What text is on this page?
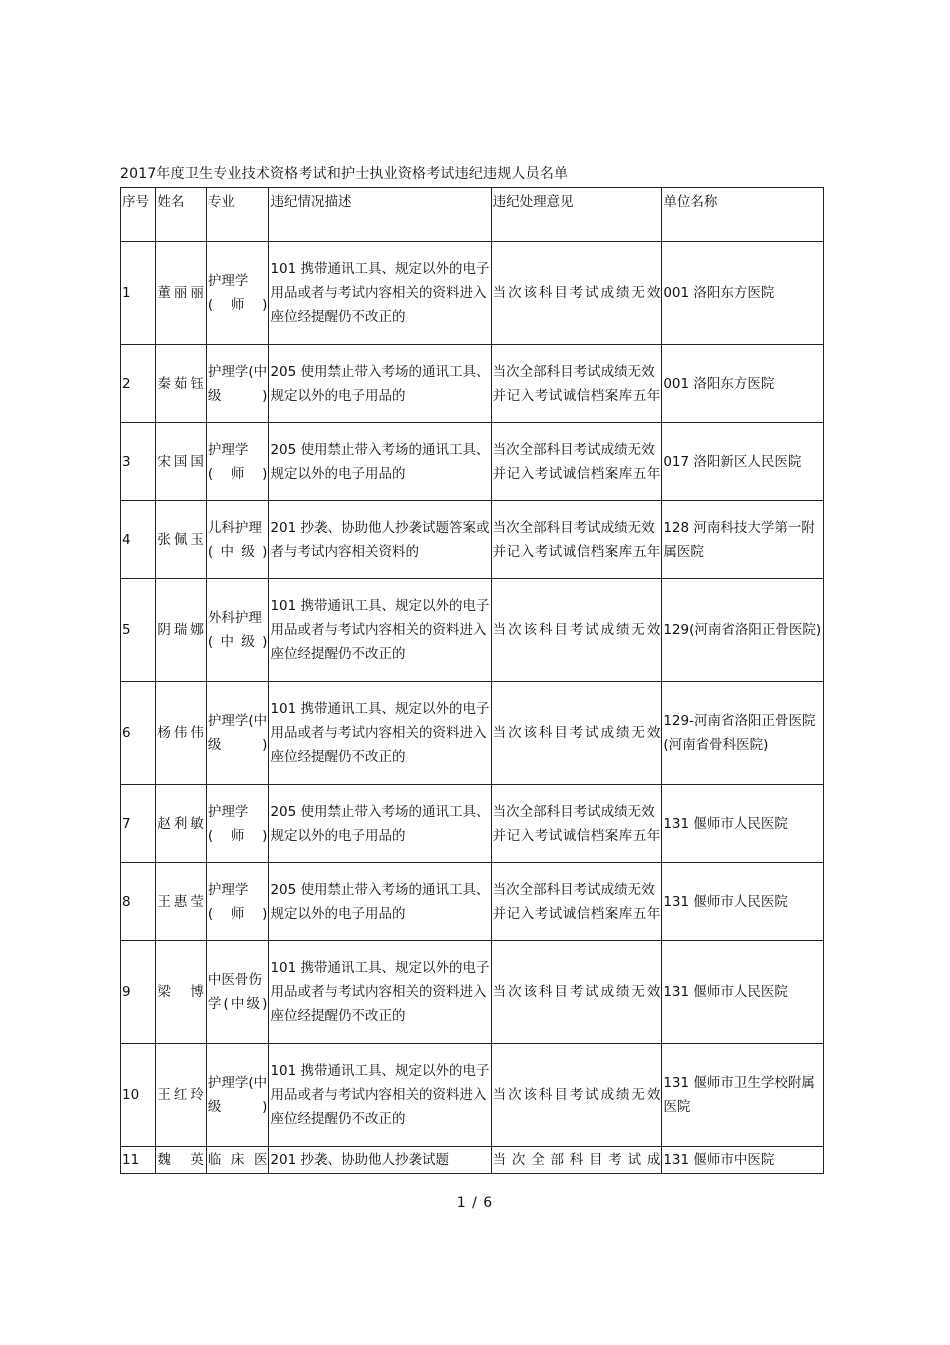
2017年度卫生专业技术资格考试和护士执业资格考试违纪违规人员名单
序号	姓名	专业	违纪情况描述	违纪处理意见	单位名称
1	董丽丽	护理学(师)	101 携带通讯工具、规定以外的电子用品或者与考试内容相关的资料进入座位经提醒仍不改正的	当次该科目考试成绩无效	001 洛阳东方医院
2	秦茹钰	护理学(中级)	205 使用禁止带入考场的通讯工具、规定以外的电子用品的	当次全部科目考试成绩无效并记入考试诚信档案库五年	001 洛阳东方医院
3	宋国国	护理学(师)	205 使用禁止带入考场的通讯工具、规定以外的电子用品的	当次全部科目考试成绩无效并记入考试诚信档案库五年	017 洛阳新区人民医院
4	张佩玉	儿科护理(中级)	201 抄袭、协助他人抄袭试题答案或者与考试内容相关资料的	当次全部科目考试成绩无效并记入考试诚信档案库五年	128 河南科技大学第一附属医院
5	阴瑞娜	外科护理(中级)	101 携带通讯工具、规定以外的电子用品或者与考试内容相关的资料进入座位经提醒仍不改正的	当次该科目考试成绩无效	129(河南省洛阳正骨医院)
6	杨伟伟	护理学(中级)	101 携带通讯工具、规定以外的电子用品或者与考试内容相关的资料进入座位经提醒仍不改正的	当次该科目考试成绩无效	129-河南省洛阳正骨医院(河南省骨科医院)
7	赵利敏	护理学(师)	205 使用禁止带入考场的通讯工具、规定以外的电子用品的	当次全部科目考试成绩无效并记入考试诚信档案库五年	131 偃师市人民医院
8	王惠莹	护理学(师)	205 使用禁止带入考场的通讯工具、规定以外的电子用品的	当次全部科目考试成绩无效并记入考试诚信档案库五年	131 偃师市人民医院
9	梁博	中医骨伤学(中级)	101 携带通讯工具、规定以外的电子用品或者与考试内容相关的资料进入座位经提醒仍不改正的	当次该科目考试成绩无效	131 偃师市人民医院
10	王红玲	护理学(中级)	101 携带通讯工具、规定以外的电子用品或者与考试内容相关的资料进入座位经提醒仍不改正的	当次该科目考试成绩无效	131 偃师市卫生学校附属医院
11	魏英	临床医	201 抄袭、协助他人抄袭试题	当次全部科目考试成	131 偃师市中医院
1 / 6
